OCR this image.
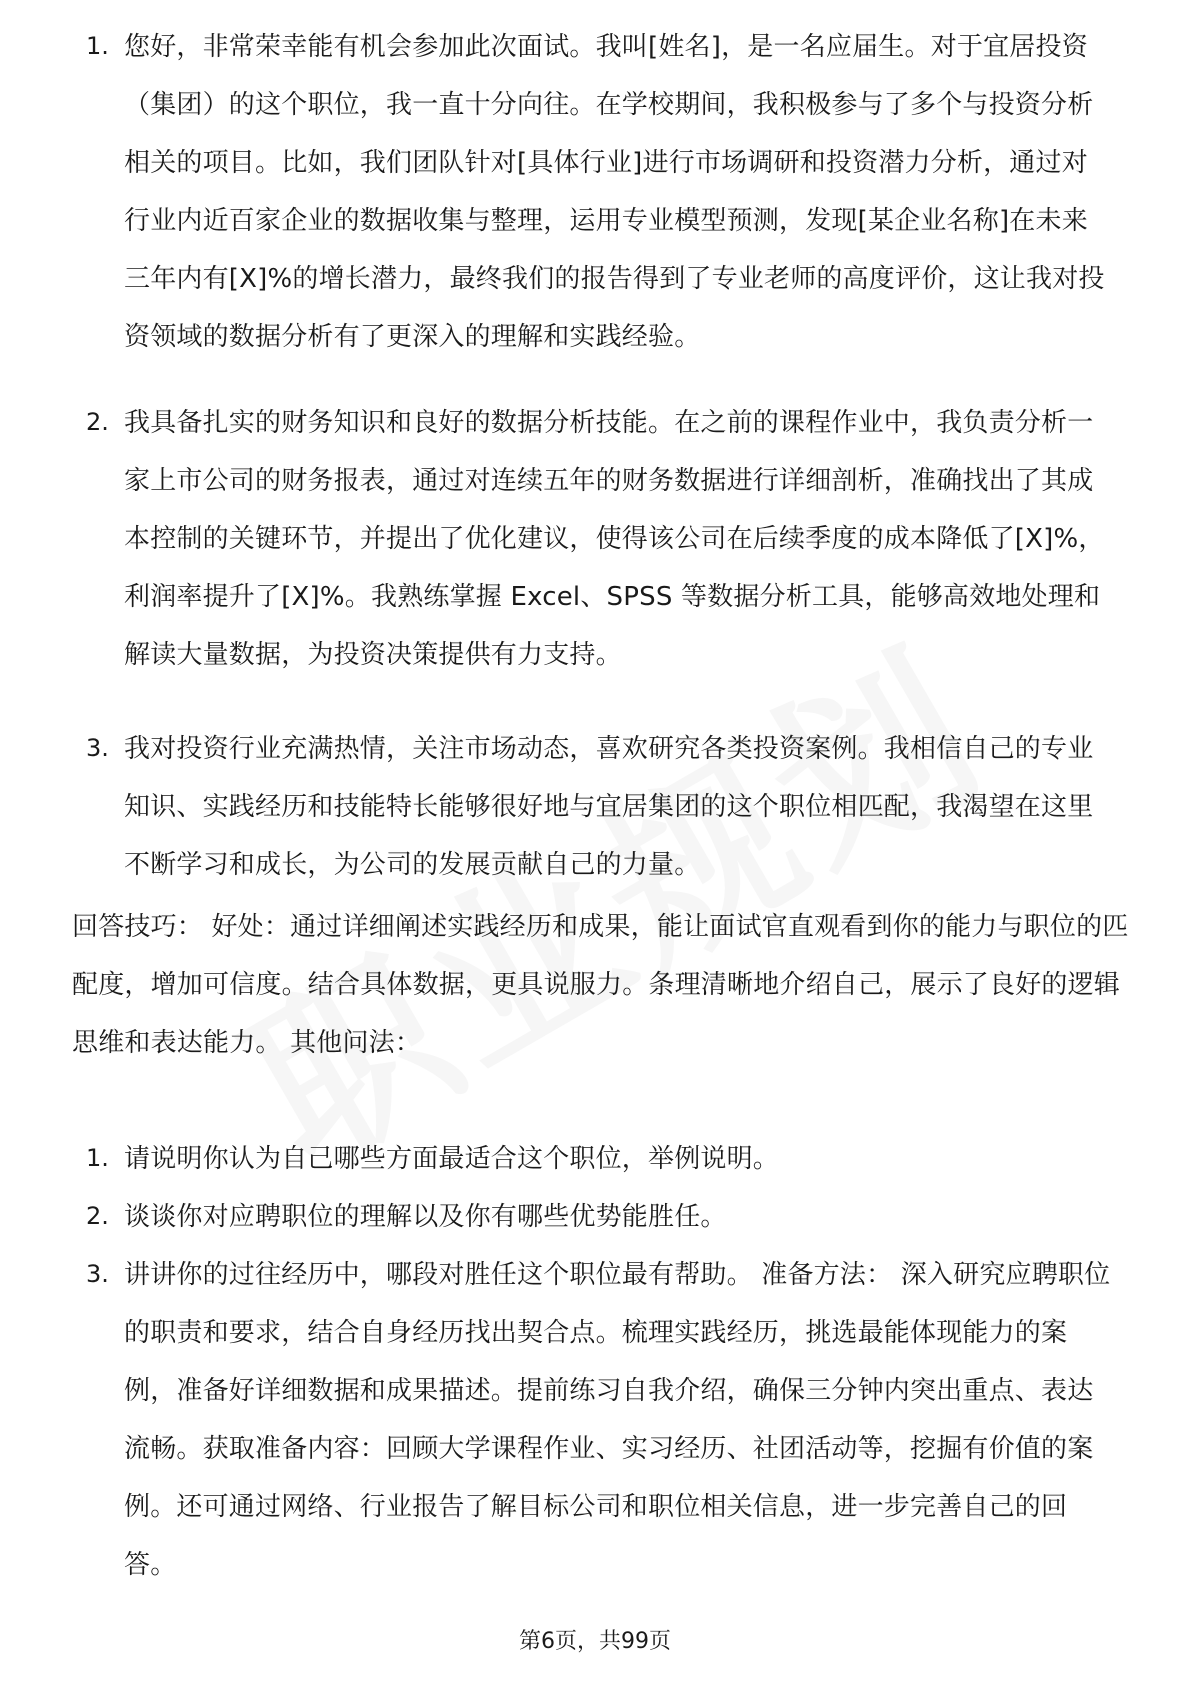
1. 您好，非常荣幸能有机会参加此次面试。我叫[姓名]，是一名应届生。对于宜居投资（集团）的这个职位，我一直十分向往。在学校期间，我积极参与了多个与投资分析相关的项目。比如，我们团队针对[具体行业]进行市场调研和投资潜力分析，通过对行业内近百家企业的数据收集与整理，运用专业模型预测，发现[某企业名称]在未来三年内有[X]%的增长潜力，最终我们的报告得到了专业老师的高度评价，这让我对投资领域的数据分析有了更深入的理解和实践经验。
2. 我具备扎实的财务知识和良好的数据分析技能。在之前的课程作业中，我负责分析一家上市公司的财务报表，通过对连续五年的财务数据进行详细剖析，准确找出了其成本控制的关键环节，并提出了优化建议，使得该公司在后续季度的成本降低了[X]%，利润率提升了[X]%。我熟练掌握 Excel、SPSS 等数据分析工具，能够高效地处理和解读大量数据，为投资决策提供有力支持。
3. 我对投资行业充满热情，关注市场动态，喜欢研究各类投资案例。我相信自己的专业知识、实践经历和技能特长能够很好地与宜居集团的这个职位相匹配，我渴望在这里不断学习和成长，为公司的发展贡献自己的力量。
回答技巧： 好处：通过详细阐述实践经历和成果，能让面试官直观看到你的能力与职位的匹配度，增加可信度。结合具体数据，更具说服力。条理清晰地介绍自己，展示了良好的逻辑思维和表达能力。 其他问法：
1. 请说明你认为自己哪些方面最适合这个职位，举例说明。
2. 谈谈你对应聘职位的理解以及你有哪些优势能胜任。
3. 讲讲你的过往经历中，哪段对胜任这个职位最有帮助。 准备方法： 深入研究应聘职位的职责和要求，结合自身经历找出契合点。梳理实践经历，挑选最能体现能力的案例，准备好详细数据和成果描述。提前练习自我介绍，确保三分钟内突出重点、表达流畅。获取准备内容：回顾大学课程作业、实习经历、社团活动等，挖掘有价值的案例。还可通过网络、行业报告了解目标公司和职位相关信息，进一步完善自己的回答。
第6页，共99页
